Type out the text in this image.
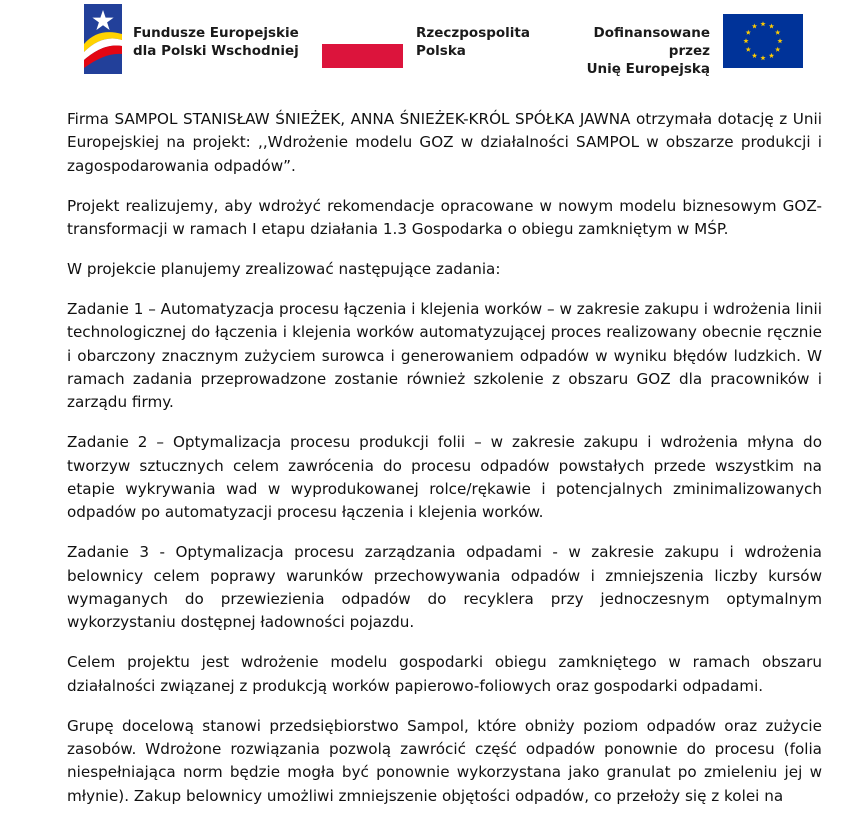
Fundusze Europejskie
dla Polski Wschodniej
Rzeczpospolita
Polska
Dofinansowane przez
Unię Europejską

Firma SAMPOL STANISŁAW ŚNIEŻEK, ANNA ŚNIEŻEK-KRÓL SPÓŁKA JAWNA otrzymała dotację z Unii Europejskiej na projekt: ,,Wdrożenie modelu GOZ w działalności SAMPOL w obszarze produkcji i zagospodarowania odpadów”.

Projekt realizujemy, aby wdrożyć rekomendacje opracowane w nowym modelu biznesowym GOZ-transformacji w ramach I etapu działania 1.3 Gospodarka o obiegu zamkniętym w MŚP.

W projekcie planujemy zrealizować następujące zadania:

Zadanie 1 – Automatyzacja procesu łączenia i klejenia worków – w zakresie zakupu i wdrożenia linii technologicznej do łączenia i klejenia worków automatyzującej proces realizowany obecnie ręcznie i obarczony znacznym zużyciem surowca i generowaniem odpadów w wyniku błędów ludzkich. W ramach zadania przeprowadzone zostanie również szkolenie z obszaru GOZ dla pracowników i zarządu firmy.

Zadanie 2 – Optymalizacja procesu produkcji folii – w zakresie zakupu i wdrożenia młyna do tworzyw sztucznych celem zawrócenia do procesu odpadów powstałych przede wszystkim na etapie wykrywania wad w wyprodukowanej rolce/rękawie i potencjalnych zminimalizowanych odpadów po automatyzacji procesu łączenia i klejenia worków.

Zadanie 3 - Optymalizacja procesu zarządzania odpadami - w zakresie zakupu i wdrożenia belownicy celem poprawy warunków przechowywania odpadów i zmniejszenia liczby kursów wymaganych do przewiezienia odpadów do recyklera przy jednoczesnym optymalnym wykorzystaniu dostępnej ładowności pojazdu.

Celem projektu jest wdrożenie modelu gospodarki obiegu zamkniętego w ramach obszaru działalności związanej z produkcją worków papierowo-foliowych oraz gospodarki odpadami.

Grupę docelową stanowi przedsiębiorstwo Sampol, które obniży poziom odpadów oraz zużycie zasobów. Wdrożone rozwiązania pozwolą zawrócić część odpadów ponownie do procesu (folia niespełniająca norm będzie mogła być ponownie wykorzystana jako granulat po zmieleniu jej w młynie). Zakup belownicy umożliwi zmniejszenie objętości odpadów, co przełoży się z kolei na
